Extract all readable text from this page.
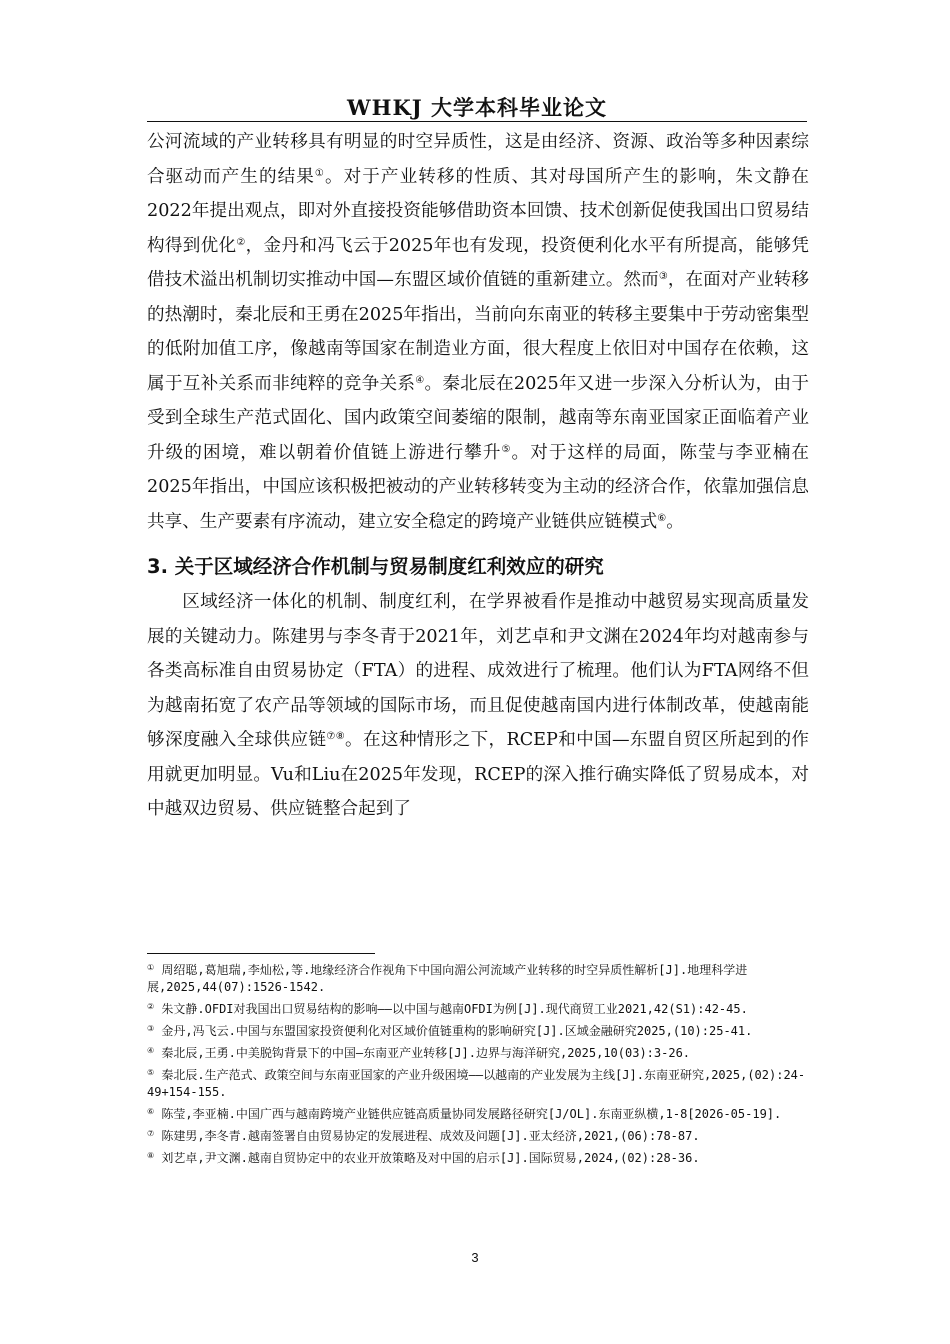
WHKJ 大学本科毕业论文

公河流域的产业转移具有明显的时空异质性，这是由经济、资源、政治等多种因素综合驱动而产生的结果①。对于产业转移的性质、其对母国所产生的影响，朱文静在2022年提出观点，即对外直接投资能够借助资本回馈、技术创新促使我国出口贸易结构得到优化②，金丹和冯飞云于2025年也有发现，投资便利化水平有所提高，能够凭借技术溢出机制切实推动中国—东盟区域价值链的重新建立。然而③，在面对产业转移的热潮时，秦北辰和王勇在2025年指出，当前向东南亚的转移主要集中于劳动密集型的低附加值工序，像越南等国家在制造业方面，很大程度上依旧对中国存在依赖，这属于互补关系而非纯粹的竞争关系④。秦北辰在2025年又进一步深入分析认为，由于受到全球生产范式固化、国内政策空间萎缩的限制，越南等东南亚国家正面临着产业升级的困境，难以朝着价值链上游进行攀升⑤。对于这样的局面，陈莹与李亚楠在2025年指出，中国应该积极把被动的产业转移转变为主动的经济合作，依靠加强信息共享、生产要素有序流动，建立安全稳定的跨境产业链供应链模式⑥。

3. 关于区域经济合作机制与贸易制度红利效应的研究

区域经济一体化的机制、制度红利，在学界被看作是推动中越贸易实现高质量发展的关键动力。陈建男与李冬青于2021年，刘艺卓和尹文渊在2024年均对越南参与各类高标准自由贸易协定（FTA）的进程、成效进行了梳理。他们认为FTA网络不但为越南拓宽了农产品等领域的国际市场，而且促使越南国内进行体制改革，使越南能够深度融入全球供应链⑦⑧。在这种情形之下，RCEP和中国—东盟自贸区所起到的作用就更加明显。Vu和Liu在2025年发现，RCEP的深入推行确实降低了贸易成本，对中越双边贸易、供应链整合起到了

① 周绍聪,葛旭瑞,李灿松,等.地缘经济合作视角下中国向湄公河流域产业转移的时空异质性解析[J].地理科学进展,2025,44(07):1526-1542.
② 朱文静.OFDI对我国出口贸易结构的影响——以中国与越南OFDI为例[J].现代商贸工业2021,42(S1):42-45.
③ 金丹,冯飞云.中国与东盟国家投资便利化对区域价值链重构的影响研究[J].区域金融研究2025,(10):25-41.
④ 秦北辰,王勇.中美脱钩背景下的中国—东南亚产业转移[J].边界与海洋研究,2025,10(03):3-26.
⑤ 秦北辰.生产范式、政策空间与东南亚国家的产业升级困境——以越南的产业发展为主线[J].东南亚研究,2025,(02):24-49+154-155.
⑥ 陈莹,李亚楠.中国广西与越南跨境产业链供应链高质量协同发展路径研究[J/OL].东南亚纵横,1-8[2026-05-19].
⑦ 陈建男,李冬青.越南签署自由贸易协定的发展进程、成效及问题[J].亚太经济,2021,(06):78-87.
⑧ 刘艺卓,尹文渊.越南自贸协定中的农业开放策略及对中国的启示[J].国际贸易,2024,(02):28-36.
3
